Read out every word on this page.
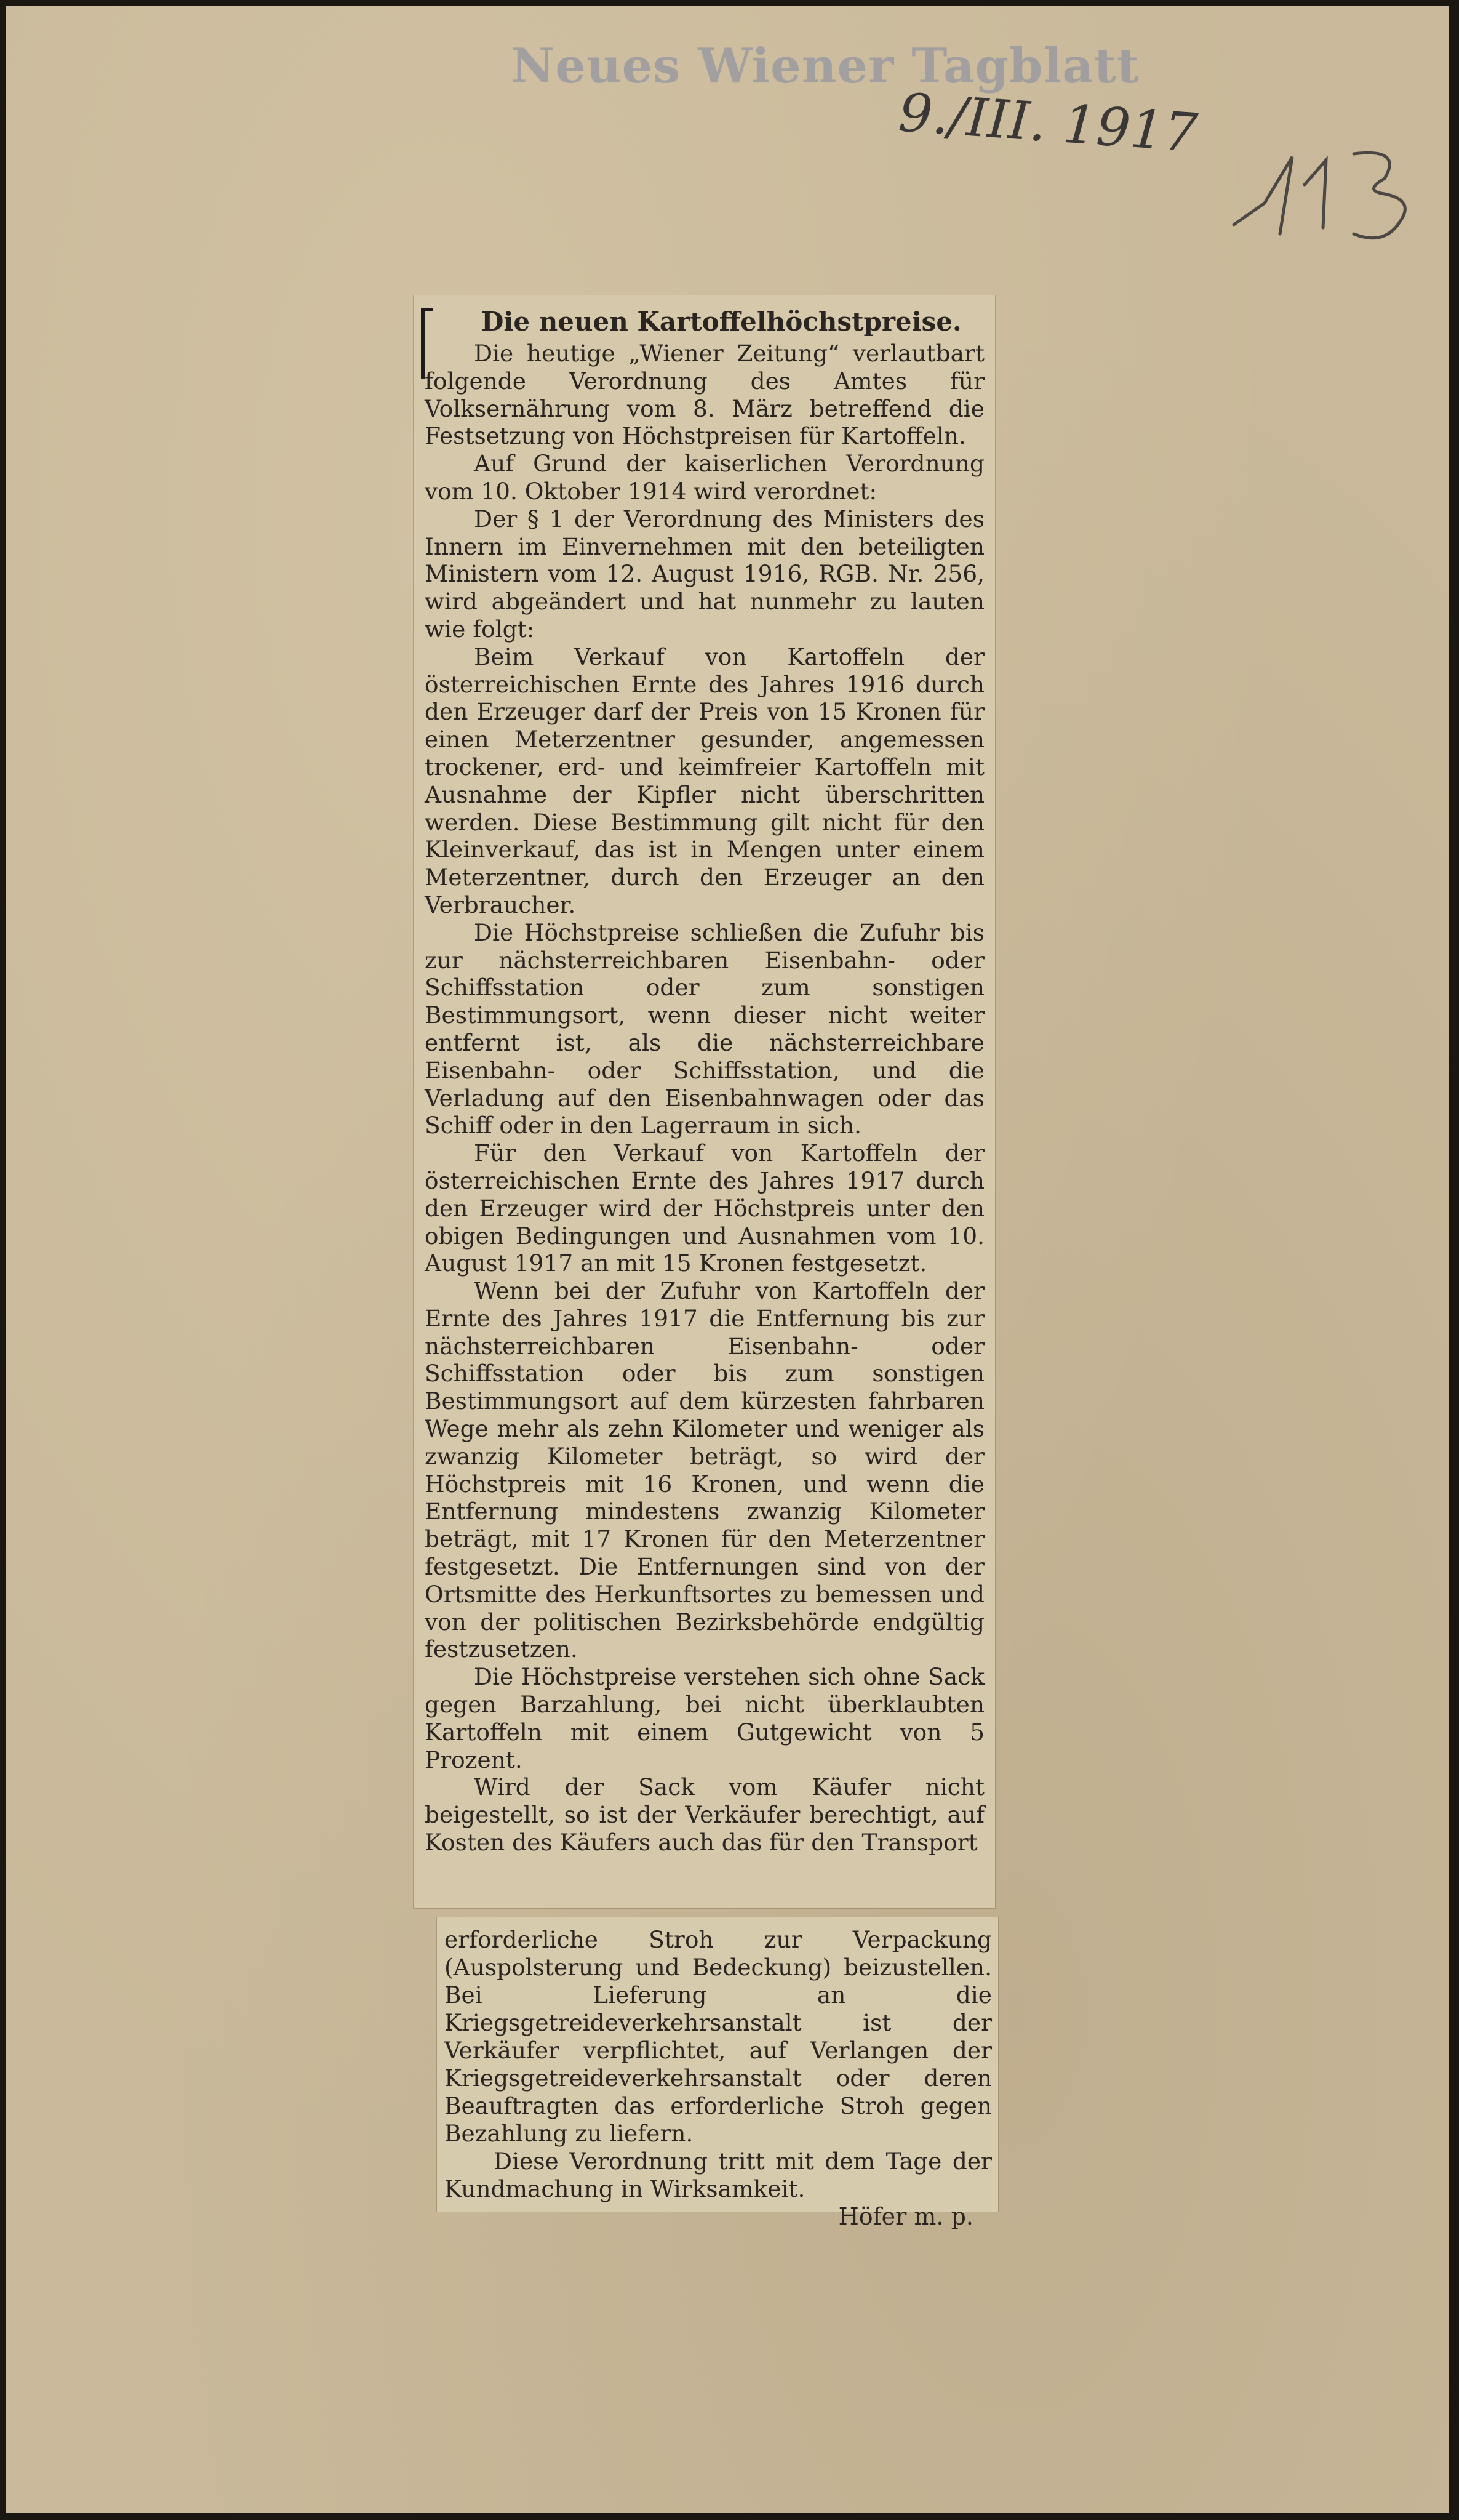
Neues Wiener Tagblatt
9./III. 1917
Die neuen Kartoffelhöchstpreise.

Die heutige „Wiener Zeitung“ verlautbart folgende Verordnung des Amtes für Volksernährung vom 8. März betreffend die Festsetzung von Höchstpreisen für Kartoffeln.

Auf Grund der kaiserlichen Verordnung vom 10. Oktober 1914 wird verordnet:

Der § 1 der Verordnung des Ministers des Innern im Einvernehmen mit den beteiligten Ministern vom 12. August 1916, RGB. Nr. 256, wird abgeändert und hat nunmehr zu lauten wie folgt:

Beim Verkauf von Kartoffeln der österreichischen Ernte des Jahres 1916 durch den Erzeuger darf der Preis von 15 Kronen für einen Meterzentner gesunder, angemessen trockener, erd- und keimfreier Kartoffeln mit Ausnahme der Kipfler nicht überschritten werden. Diese Bestimmung gilt nicht für den Kleinverkauf, das ist in Mengen unter einem Meterzentner, durch den Erzeuger an den Verbraucher.

Die Höchstpreise schließen die Zufuhr bis zur nächsterreichbaren Eisenbahn- oder Schiffsstation oder zum sonstigen Bestimmungsort, wenn dieser nicht weiter entfernt ist, als die nächsterreichbare Eisenbahn- oder Schiffsstation, und die Verladung auf den Eisenbahnwagen oder das Schiff oder in den Lagerraum in sich.

Für den Verkauf von Kartoffeln der österreichischen Ernte des Jahres 1917 durch den Erzeuger wird der Höchstpreis unter den obigen Bedingungen und Ausnahmen vom 10. August 1917 an mit 15 Kronen festgesetzt.

Wenn bei der Zufuhr von Kartoffeln der Ernte des Jahres 1917 die Entfernung bis zur nächsterreichbaren Eisenbahn- oder Schiffsstation oder bis zum sonstigen Bestimmungsort auf dem kürzesten fahrbaren Wege mehr als zehn Kilometer und weniger als zwanzig Kilometer beträgt, so wird der Höchstpreis mit 16 Kronen, und wenn die Entfernung mindestens zwanzig Kilometer beträgt, mit 17 Kronen für den Meterzentner festgesetzt. Die Entfernungen sind von der Ortsmitte des Herkunftsortes zu bemessen und von der politischen Bezirksbehörde endgültig festzusetzen.

Die Höchstpreise verstehen sich ohne Sack gegen Barzahlung, bei nicht überklaubten Kartoffeln mit einem Gutgewicht von 5 Prozent.

Wird der Sack vom Käufer nicht beigestellt, so ist der Verkäufer berechtigt, auf Kosten des Käufers auch das für den Transport

erforderliche Stroh zur Verpackung (Auspolsterung und Bedeckung) beizustellen. Bei Lieferung an die Kriegsgetreideverkehrsanstalt ist der Verkäufer verpflichtet, auf Verlangen der Kriegsgetreideverkehrsanstalt oder deren Beauftragten das erforderliche Stroh gegen Bezahlung zu liefern.

Diese Verordnung tritt mit dem Tage der Kundmachung in Wirksamkeit.

Höfer m. p.
